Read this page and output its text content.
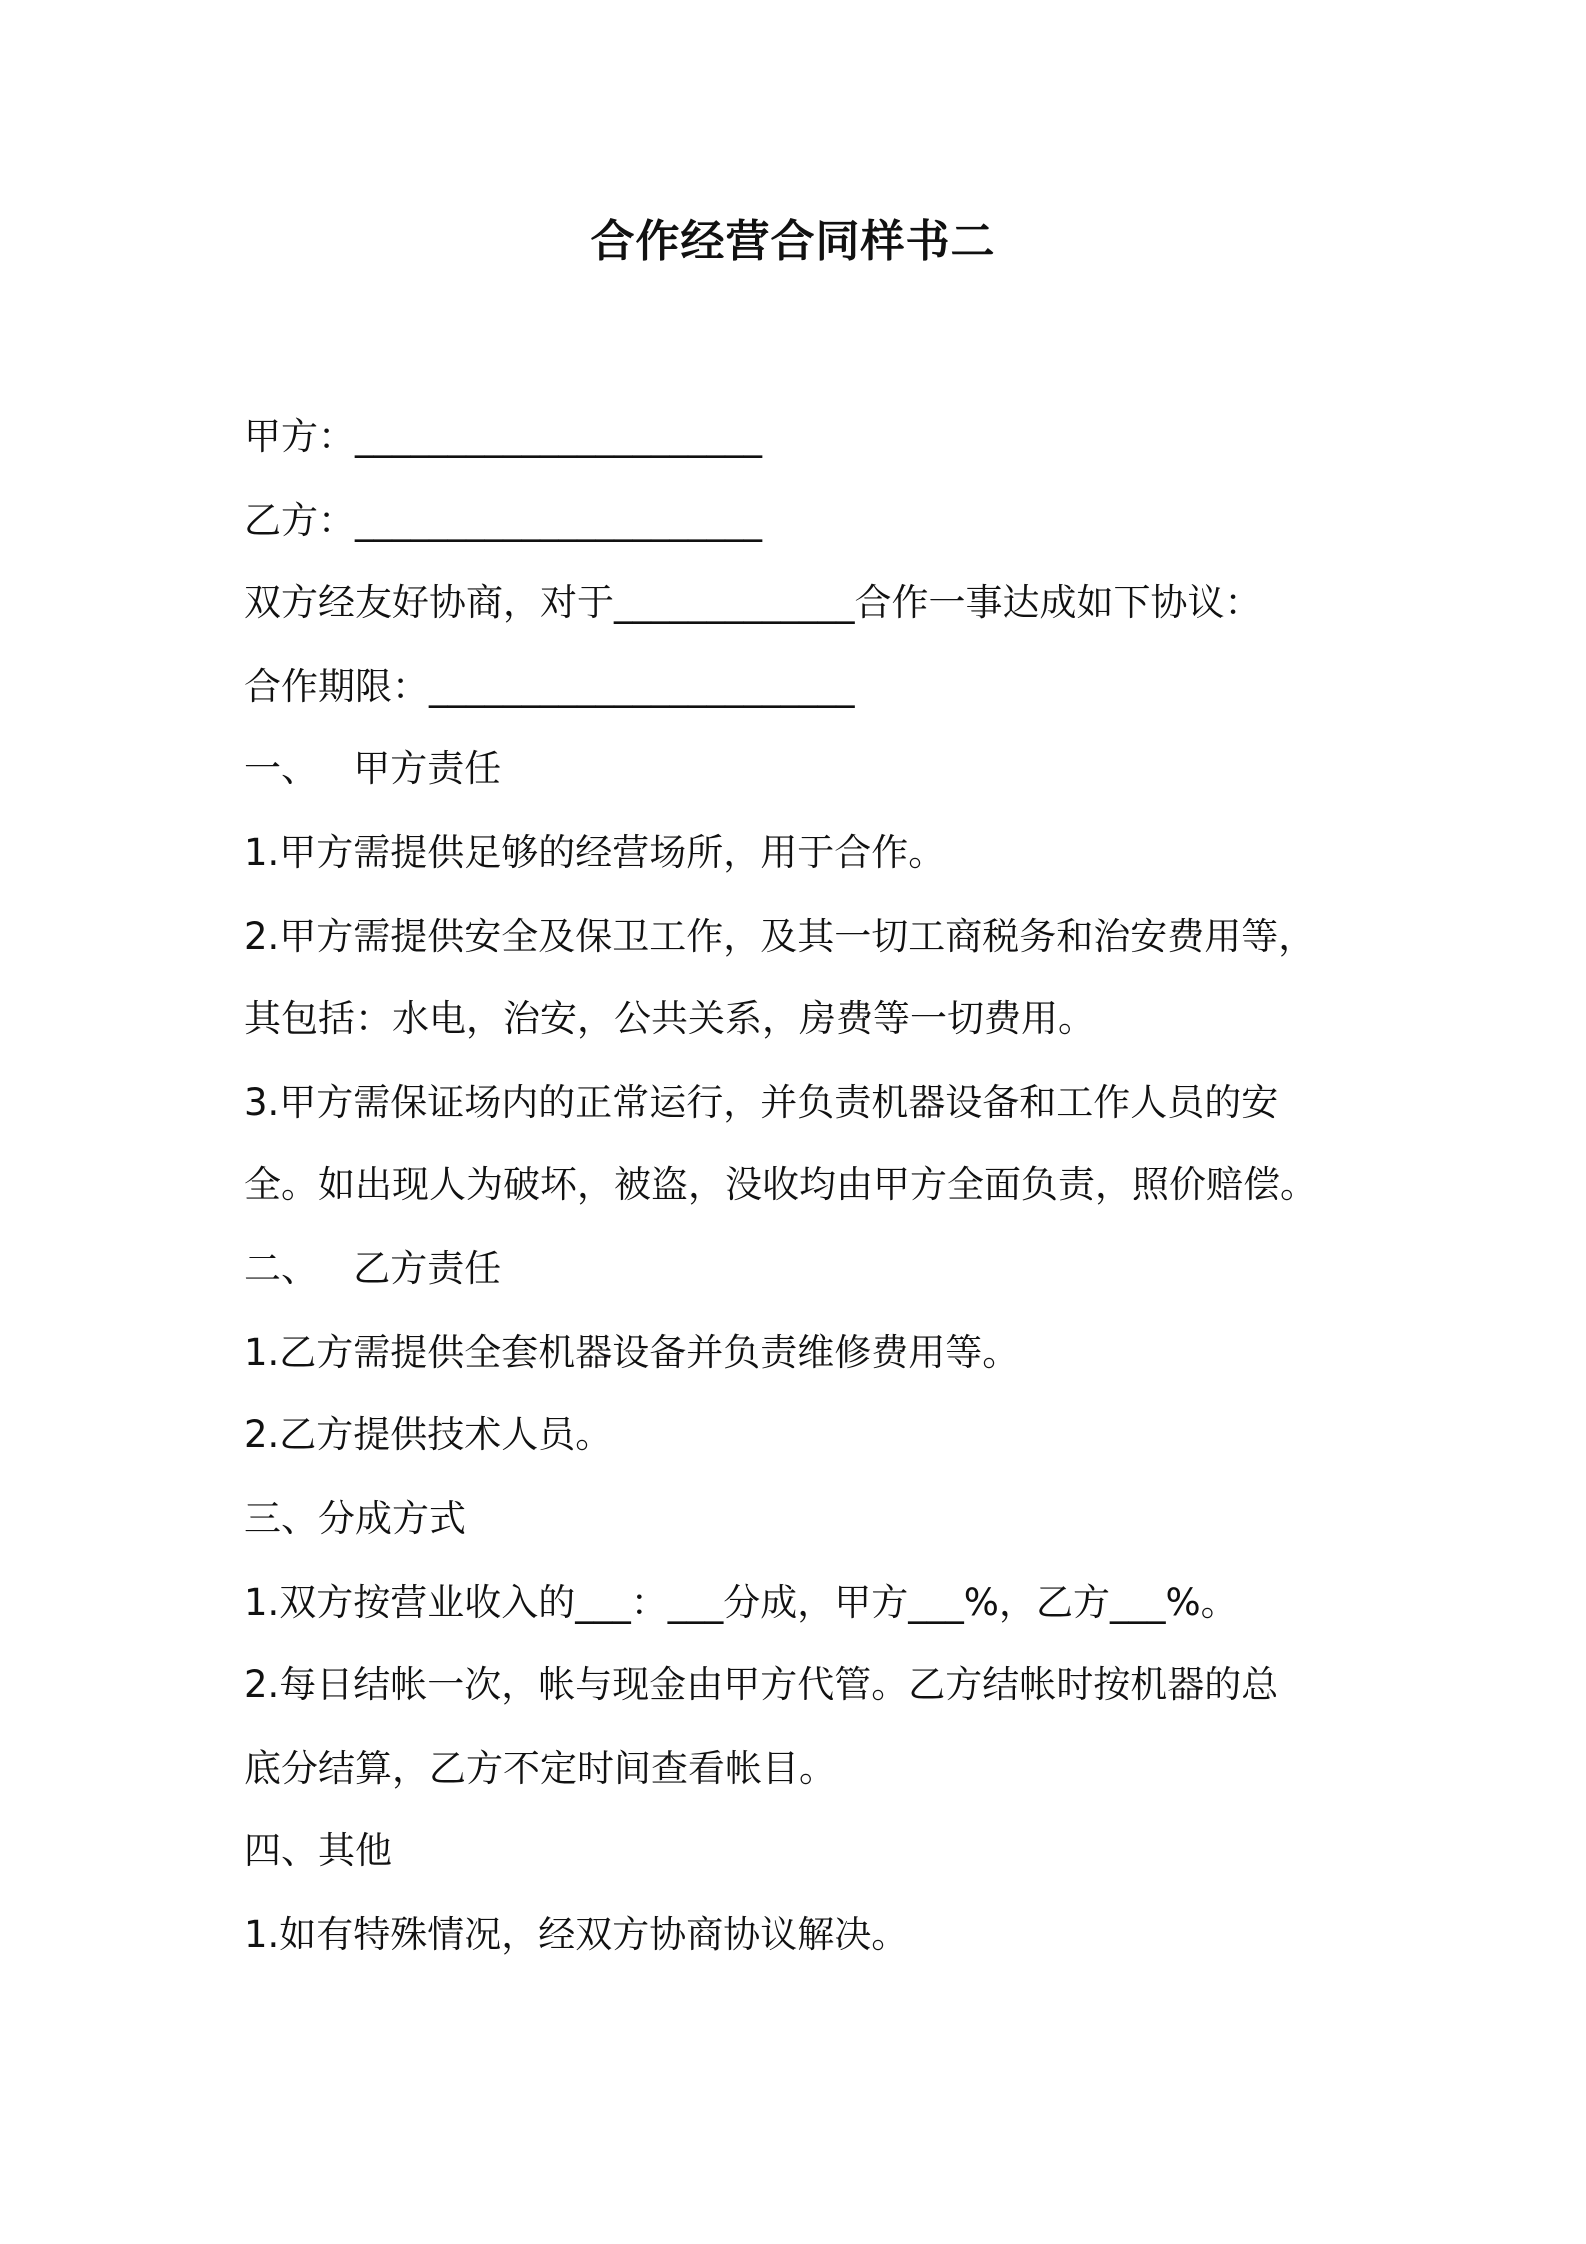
合作经营合同样书二

甲方：______________________

乙方：______________________

双方经友好协商，对于_____________合作一事达成如下协议：

合作期限：_______________________

一、   甲方责任

1.甲方需提供足够的经营场所，用于合作。

2.甲方需提供安全及保卫工作，及其一切工商税务和治安费用等，

其包括：水电，治安，公共关系，房费等一切费用。

3.甲方需保证场内的正常运行，并负责机器设备和工作人员的安

全。如出现人为破坏，被盗，没收均由甲方全面负责，照价赔偿。

二、   乙方责任

1.乙方需提供全套机器设备并负责维修费用等。

2.乙方提供技术人员。

三、分成方式

1.双方按营业收入的___：___分成，甲方___%，乙方___%。

2.每日结帐一次，帐与现金由甲方代管。乙方结帐时按机器的总

底分结算，乙方不定时间查看帐目。

四、其他

1.如有特殊情况，经双方协商协议解决。
